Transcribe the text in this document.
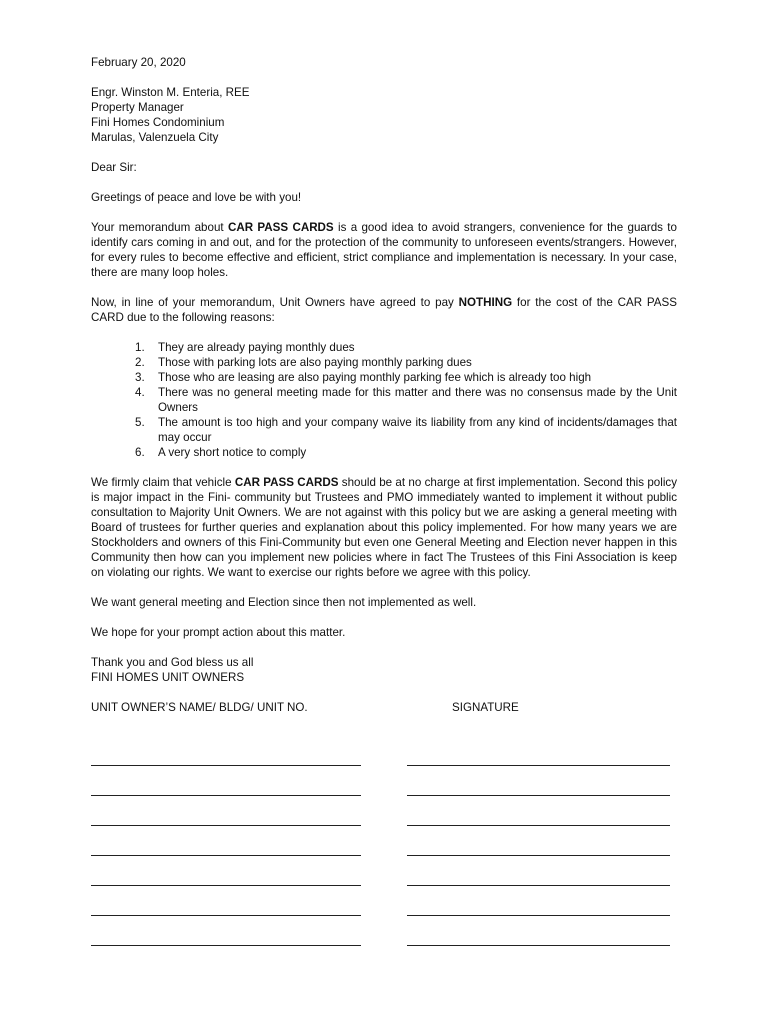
February 20, 2020
Engr. Winston M. Enteria, REE
Property Manager
Fini Homes Condominium
Marulas, Valenzuela City
Dear Sir:
Greetings of peace and love be with you!

Your memorandum about CAR PASS CARDS is a good idea to avoid strangers, convenience for the guards to identify cars coming in and out, and for the protection of the community to unforeseen events/strangers. However, for every rules to become effective and efficient, strict compliance and implementation is necessary. In your case, there are many loop holes.

Now, in line of your memorandum, Unit Owners have agreed to pay NOTHING for the cost of the CAR PASS CARD due to the following reasons:

1. They are already paying monthly dues
2. Those with parking lots are also paying monthly parking dues
3. Those who are leasing are also paying monthly parking fee which is already too high
4. There was no general meeting made for this matter and there was no consensus made by the Unit Owners
5. The amount is too high and your company waive its liability from any kind of incidents/damages that may occur
6. A very short notice to comply

We firmly claim that vehicle CAR PASS CARDS should be at no charge at first implementation. Second this policy is major impact in the Fini- community but Trustees and PMO immediately wanted to implement it without public consultation to Majority Unit Owners. We are not against with this policy but we are asking a general meeting with Board of trustees for further queries and explanation about this policy implemented. For how many years we are Stockholders and owners of this Fini-Community but even one General Meeting and Election never happen in this Community then how can you implement new policies where in fact The Trustees of this Fini Association is keep on violating our rights. We want to exercise our rights before we agree with this policy.

We want general meeting and Election since then not implemented as well.

We hope for your prompt action about this matter.

Thank you and God bless us all
FINI HOMES UNIT OWNERS
UNIT OWNER’S NAME/ BLDG/ UNIT NO.	SIGNATURE
